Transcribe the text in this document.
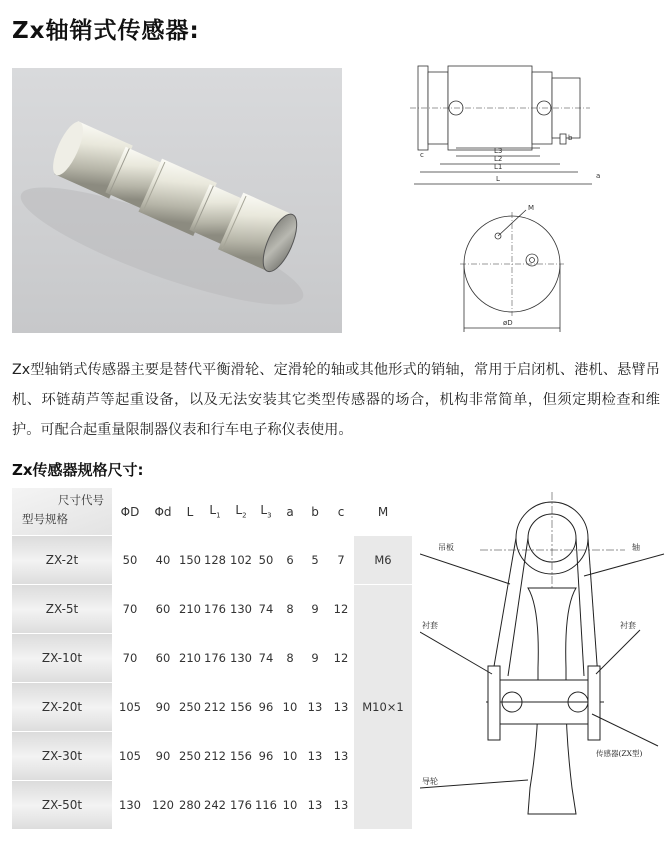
Zx轴销式传感器:
L3
L2
L1
L
c
b
a
M
øD
Zx型轴销式传感器主要是替代平衡滑轮、定滑轮的轴或其他形式的销轴，常用于启闭机、港机、悬臂吊机、环链葫芦等起重设备，以及无法安装其它类型传感器的场合，机构非常简单，但须定期检查和维护。可配合起重量限制器仪表和行车电子称仪表使用。
Zx传感器规格尺寸:
尺寸代号
型号规格	ΦD	Φd	L	$L_1$	$L_2$	$L_3$	a	b	c	M
ZX-2t	50	40	150	128	102	50	6	5	7	M6
ZX-5t	70	60	210	176	130	74	8	9	12	M10×1
ZX-10t	70	60	210	176	130	74	8	9	12	
ZX-20t	105	90	250	212	156	96	10	13	13	
ZX-30t	105	90	250	212	156	96	10	13	13	
ZX-50t	130	120	280	242	176	116	10	13	13	
吊板	轴
衬套	衬套
传感器(ZX型)
导轮
